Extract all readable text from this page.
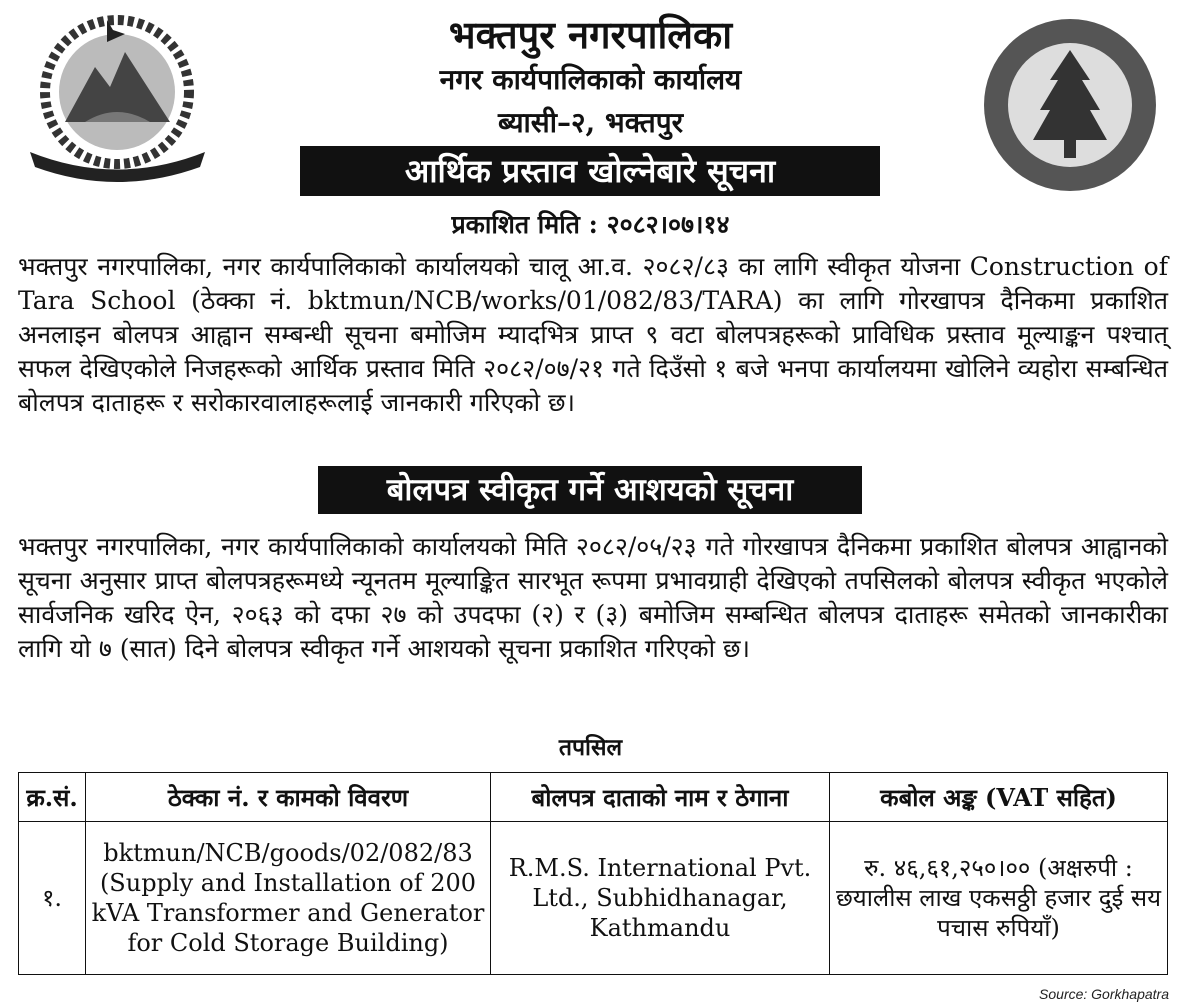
भक्तपुर नगरपालिका
नगर कार्यपालिकाको कार्यालय
ब्यासी–२, भक्तपुर
आर्थिक प्रस्ताव खोल्नेबारे सूचना
प्रकाशित मिति : २०८२।०७।१४
भक्तपुर नगरपालिका, नगर कार्यपालिकाको कार्यालयको चालू आ.व. २०८२/८३ का लागि स्वीकृत योजना Construction of Tara School (ठेक्का नं. bktmun/NCB/works/01/082/83/TARA) का लागि गोरखापत्र दैनिकमा प्रकाशित अनलाइन बोलपत्र आह्वान सम्बन्धी सूचना बमोजिम म्यादभित्र प्राप्त ९ वटा बोलपत्रहरूको प्राविधिक प्रस्ताव मूल्याङ्कन पश्चात् सफल देखिएकोले निजहरूको आर्थिक प्रस्ताव मिति २०८२/०७/२१ गते दिउँसो १ बजे भनपा कार्यालयमा खोलिने व्यहोरा सम्बन्धित बोलपत्र दाताहरू र सरोकारवालाहरूलाई जानकारी गरिएको छ।
बोलपत्र स्वीकृत गर्ने आशयको सूचना
भक्तपुर नगरपालिका, नगर कार्यपालिकाको कार्यालयको मिति २०८२/०५/२३ गते गोरखापत्र दैनिकमा प्रकाशित बोलपत्र आह्वानको सूचना अनुसार प्राप्त बोलपत्रहरूमध्ये न्यूनतम मूल्याङ्कित सारभूत रूपमा प्रभावग्राही देखिएको तपसिलको बोलपत्र स्वीकृत भएकोले सार्वजनिक खरिद ऐन, २०६३ को दफा २७ को उपदफा (२) र (३) बमोजिम सम्बन्धित बोलपत्र दाताहरू समेतको जानकारीका लागि यो ७ (सात) दिने बोलपत्र स्वीकृत गर्ने आशयको सूचना प्रकाशित गरिएको छ।
तपसिल
क्र.सं.	ठेक्का नं. र कामको विवरण	बोलपत्र दाताको नाम र ठेगाना	कबोल अङ्क (VAT सहित)
१.	bktmun/NCB/goods/02/082/83 (Supply and Installation of 200 kVA Transformer and Generator for Cold Storage Building)	R.M.S. International Pvt. Ltd., Subhidhanagar, Kathmandu	रु. ४६,६१,२५०।०० (अक्षरुपी : छयालीस लाख एकसठ्ठी हजार दुई सय पचास रुपियाँ)
Source: Gorkhapatra
